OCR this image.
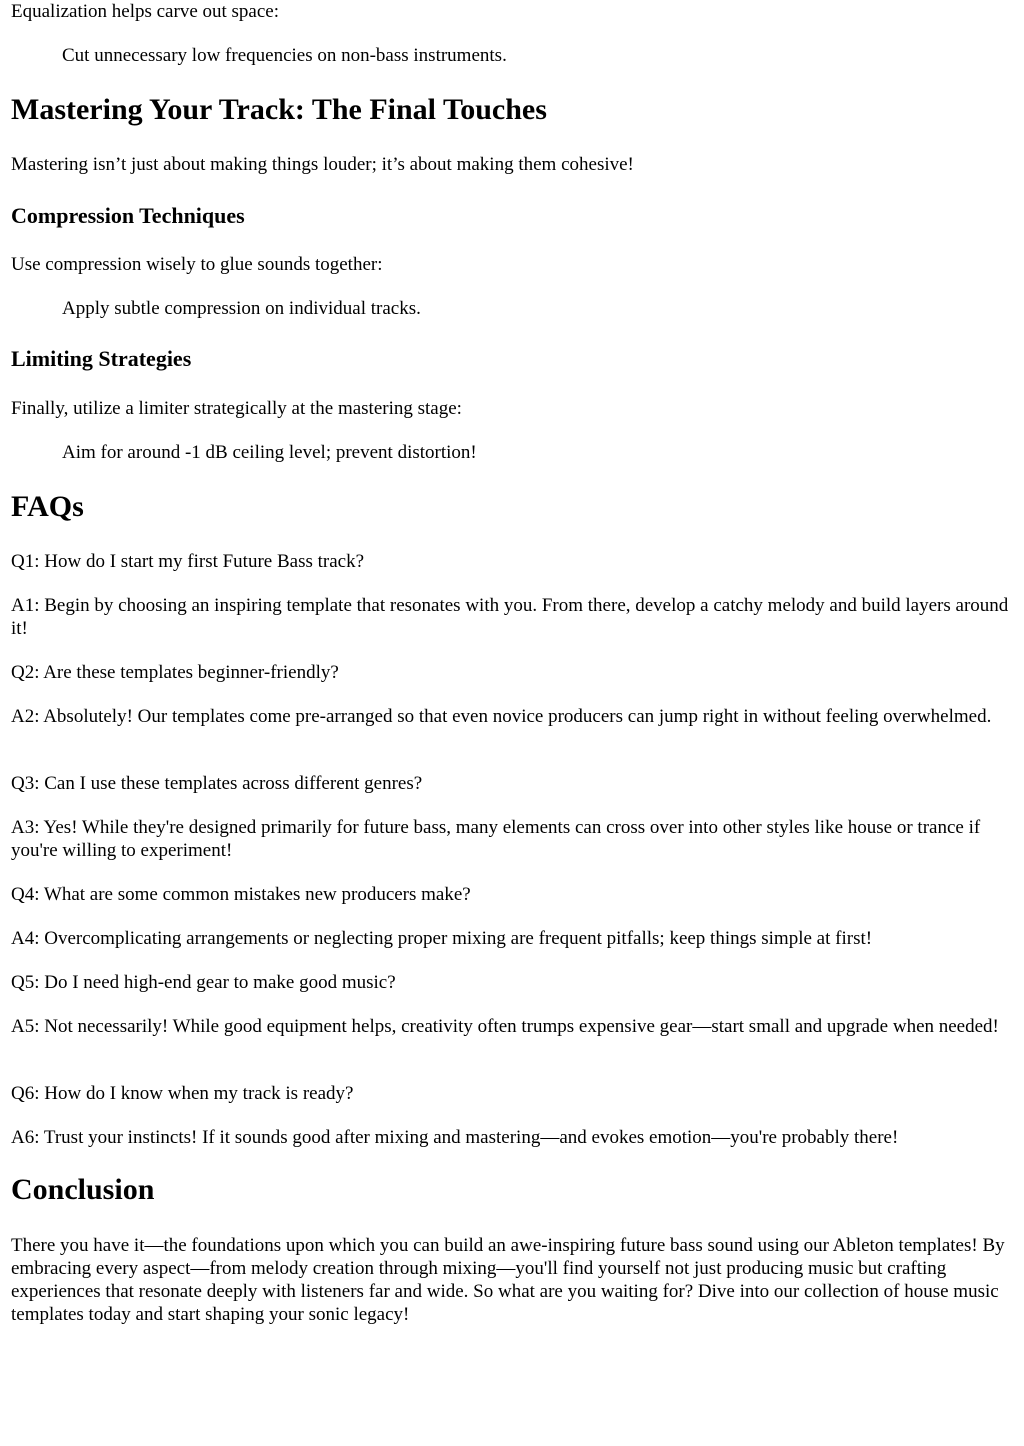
Equalization helps carve out space:

Cut unnecessary low frequencies on non-bass instruments.

Mastering Your Track: The Final Touches

Mastering isn’t just about making things louder; it’s about making them cohesive!

Compression Techniques

Use compression wisely to glue sounds together:

Apply subtle compression on individual tracks.

Limiting Strategies

Finally, utilize a limiter strategically at the mastering stage:

Aim for around -1 dB ceiling level; prevent distortion!

FAQs

Q1: How do I start my first Future Bass track?

A1: Begin by choosing an inspiring template that resonates with you. From there, develop a catchy melody and build layers around it!

Q2: Are these templates beginner-friendly?

A2: Absolutely! Our templates come pre-arranged so that even novice producers can jump right in without feeling overwhelmed.

Q3: Can I use these templates across different genres?

A3: Yes! While they're designed primarily for future bass, many elements can cross over into other styles like house or trance if you're willing to experiment!

Q4: What are some common mistakes new producers make?

A4: Overcomplicating arrangements or neglecting proper mixing are frequent pitfalls; keep things simple at first!

Q5: Do I need high-end gear to make good music?

A5: Not necessarily! While good equipment helps, creativity often trumps expensive gear—start small and upgrade when needed!

Q6: How do I know when my track is ready?

A6: Trust your instincts! If it sounds good after mixing and mastering—and evokes emotion—you're probably there!

Conclusion

There you have it—the foundations upon which you can build an awe-inspiring future bass sound using our Ableton templates! By embracing every aspect—from melody creation through mixing—you'll find yourself not just producing music but crafting experiences that resonate deeply with listeners far and wide. So what are you waiting for? Dive into our collection of house music templates today and start shaping your sonic legacy!
